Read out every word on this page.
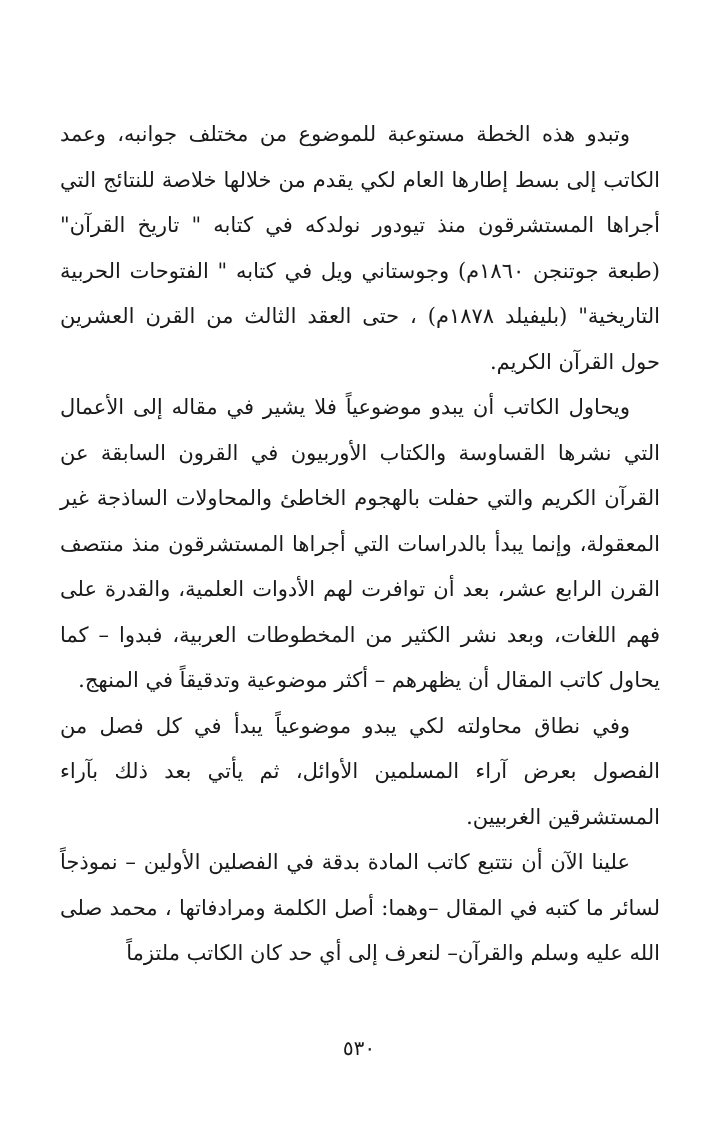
وتبدو هذه الخطة مستوعبة للموضوع من مختلف جوانبه، وعمد الكاتب إلى بسط إطارها العام لكي يقدم من خلالها خلاصة للنتائج التي أجراها المستشرقون منذ تيودور نولدكه في كتابه " تاريخ القرآن" (طبعة جوتنجن ١٨٦٠م) وجوستاني ويل في كتابه " الفتوحات الحربية التاريخية" (بليفيلد ١٨٧٨م) ، حتى العقد الثالث من القرن العشرين حول القرآن الكريم.

ويحاول الكاتب أن يبدو موضوعياً فلا يشير في مقاله إلى الأعمال التي نشرها القساوسة والكتاب الأوربيون في القرون السابقة عن القرآن الكريم والتي حفلت بالهجوم الخاطئ والمحاولات الساذجة غير المعقولة، وإنما يبدأ بالدراسات التي أجراها المستشرقون منذ منتصف القرن الرابع عشر، بعد أن توافرت لهم الأدوات العلمية، والقدرة على فهم اللغات، وبعد نشر الكثير من المخطوطات العربية، فبدوا – كما يحاول كاتب المقال أن يظهرهم – أكثر موضوعية وتدقيقاً في المنهج.

وفي نطاق محاولته لكي يبدو موضوعياً يبدأ في كل فصل من الفصول بعرض آراء المسلمين الأوائل، ثم يأتي بعد ذلك بآراء المستشرقين الغربيين.

علينا الآن أن نتتبع كاتب المادة بدقة في الفصلين الأولين – نموذجاً لسائر ما كتبه في المقال –وهما: أصل الكلمة ومرادفاتها ، محمد صلى الله عليه وسلم والقرآن– لنعرف إلى أي حد كان الكاتب ملتزماً

٥٣٠
